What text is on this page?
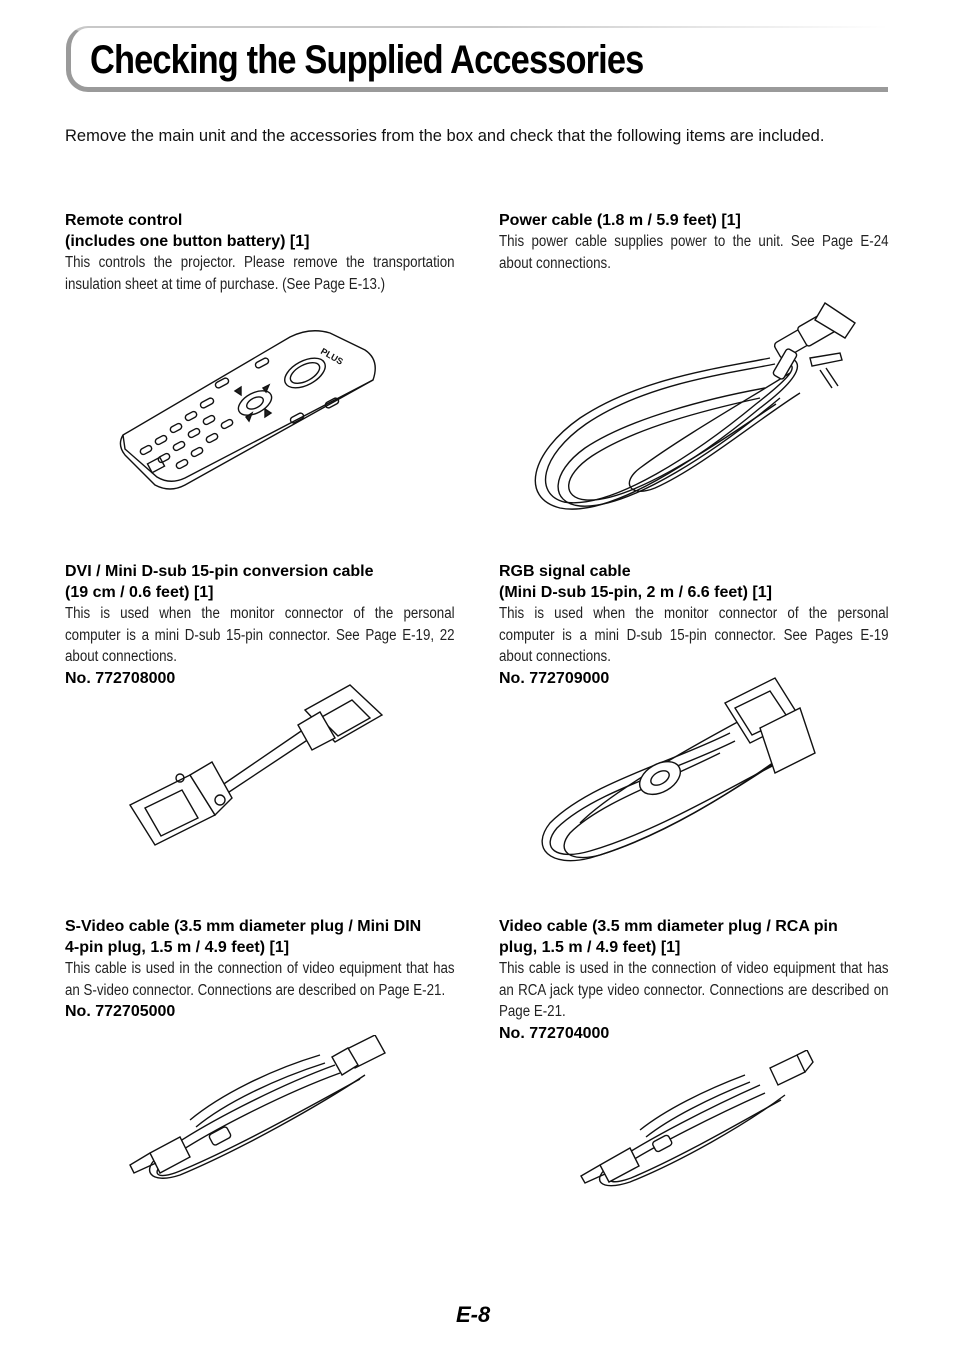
Checking the Supplied Accessories
Remove the main unit and the accessories from the box and check that the following items are included.
Remote control
(includes one button battery) [1]

This controls the projector. Please remove the transportation insulation sheet at time of purchase. (See Page E-13.)

PLUS
Power cable (1.8 m / 5.9 feet) [1]

This power cable supplies power to the unit. See Page E-24 about connections.

DVI / Mini D-sub 15-pin conversion cable
(19 cm / 0.6 feet) [1]

This is used when the monitor connector of the personal computer is a mini D-sub 15-pin connector. See Page E-19, 22 about connections.

No. 772708000
RGB signal cable
(Mini D-sub 15-pin, 2 m / 6.6 feet) [1]

This is used when the monitor connector of the personal computer is a mini D-sub 15-pin connector. See Pages E-19 about connections.

No. 772709000
S-Video cable (3.5 mm diameter plug / Mini DIN
4-pin plug, 1.5 m / 4.9 feet) [1]

This cable is used in the connection of video equipment that has an S-video connector. Connections are described on Page E-21.

No. 772705000
Video cable (3.5 mm diameter plug / RCA pin
plug, 1.5 m / 4.9 feet) [1]

This cable is used in the connection of video equipment that has an RCA jack type video connector. Connections are described on Page E-21.

No. 772704000
E-8
